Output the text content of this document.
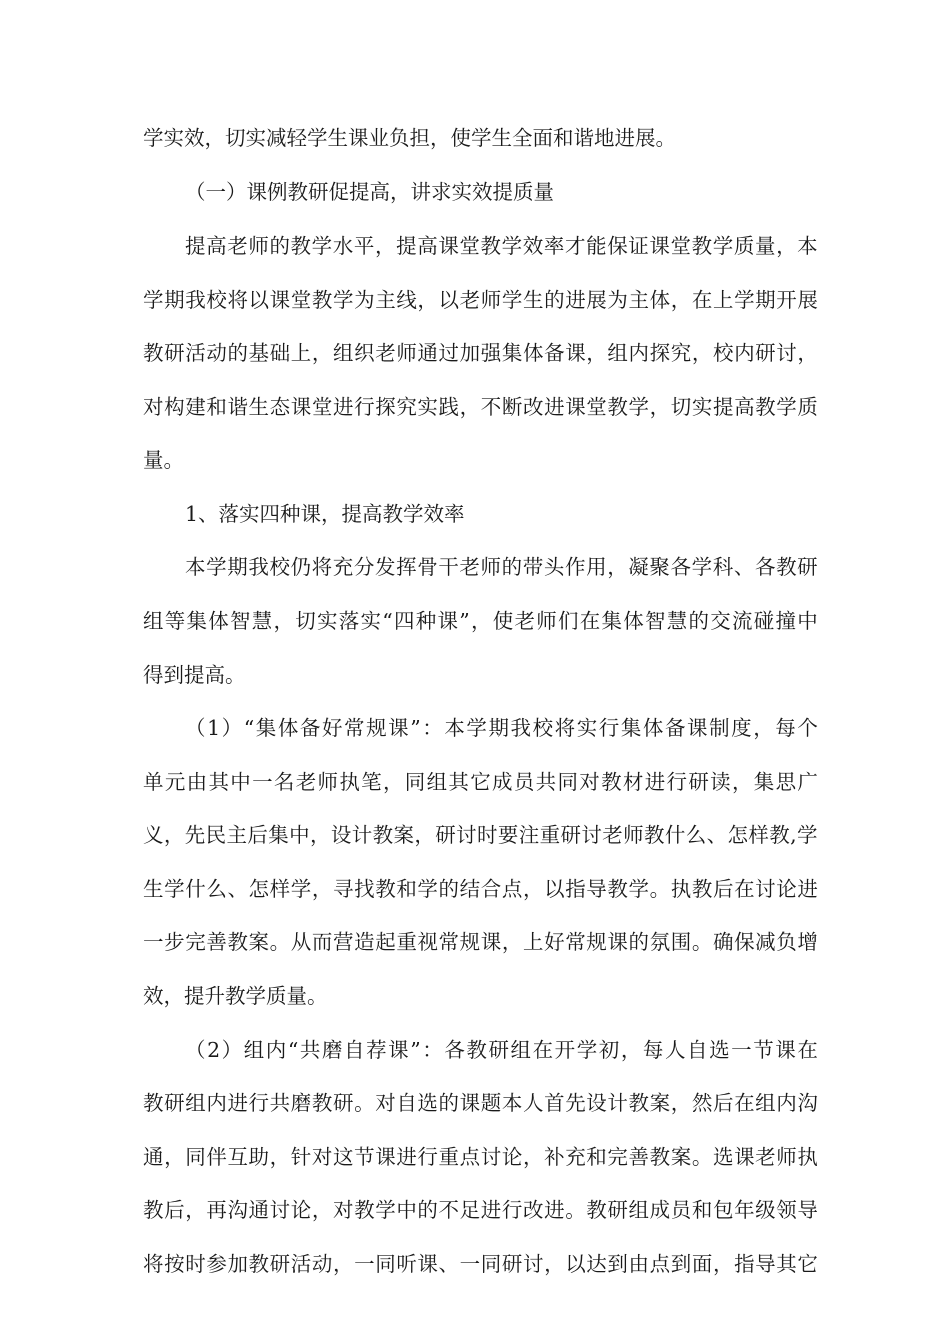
学实效，切实减轻学生课业负担，使学生全面和谐地进展。
（一）课例教研促提高，讲求实效提质量
提 高 老 师 的 教 学 水 平 ， 提 高 课 堂 教 学 效 率 才 能 保 证 课 堂 教 学 质 量 ， 本
学 期 我 校 将 以 课 堂 教 学 为 主 线 ， 以 老 师 学 生 的 进 展 为 主 体 ， 在 上 学 期 开 展
教 研 活 动 的 基 础 上 ， 组 织 老 师 通 过 加 强 集 体 备 课 ， 组 内 探 究 ， 校 内 研 讨 ，
对 构 建 和 谐 生 态 课 堂 进 行 探 究 实 践 ， 不 断 改 进 课 堂 教 学 ， 切 实 提 高 教 学 质
量。
1、落实四种课，提高教学效率
本 学 期 我 校 仍 将 充 分 发 挥 骨 干 老 师 的 带 头 作 用 ， 凝 聚 各 学 科 、 各 教 研
组 等 集 体 智 慧 ， 切 实 落 实 “ 四 种 课 ” ， 使 老 师 们 在 集 体 智 慧 的 交 流 碰 撞 中
得到提高。
（ 1 ） “ 集 体 备 好 常 规 课 ” ： 本 学 期 我 校 将 实 行 集 体 备 课 制 度 ， 每 个
单 元 由 其 中 一 名 老 师 执 笔 ， 同 组 其 它 成 员 共 同 对 教 材 进 行 研 读 ， 集 思 广
义 ， 先 民 主 后 集 中 ， 设 计 教 案 ， 研 讨 时 要 注 重 研 讨 老 师 教 什 么 、 怎 样 教 , 学
生 学 什 么 、 怎 样 学 ， 寻 找 教 和 学 的 结 合 点 ， 以 指 导 教 学 。 执 教 后 在 讨 论 进
一 步 完 善 教 案 。 从 而 营 造 起 重 视 常 规 课 ， 上 好 常 规 课 的 氛 围 。 确 保 减 负 增
效，提升教学质量。
（ 2 ） 组 内 “ 共 磨 自 荐 课 ” ： 各 教 研 组 在 开 学 初 ， 每 人 自 选 一 节 课 在
教 研 组 内 进 行 共 磨 教 研 。 对 自 选 的 课 题 本 人 首 先 设 计 教 案 ， 然 后 在 组 内 沟
通 ， 同 伴 互 助 ， 针 对 这 节 课 进 行 重 点 讨 论 ， 补 充 和 完 善 教 案 。 选 课 老 师 执
教 后 ， 再 沟 通 讨 论 ， 对 教 学 中 的 不 足 进 行 改 进 。 教 研 组 成 员 和 包 年 级 领 导
将 按 时 参 加 教 研 活 动 ， 一 同 听 课 、 一 同 研 讨 ， 以 达 到 由 点 到 面 ， 指 导 其 它
